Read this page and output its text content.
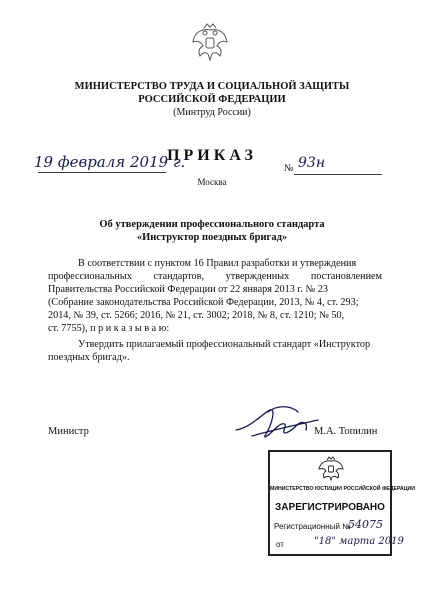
МИНИСТЕРСТВО ТРУДА И СОЦИАЛЬНОЙ ЗАЩИТЫ
РОССИЙСКОЙ ФЕДЕРАЦИИ
(Минтруд России)
ПРИКАЗ
19 февраля 2019 г.	№ 93н
Москва
Об утверждении профессионального стандарта
«Инструктор поездных бригад»
В соответствии с пунктом 16 Правил разработки и утверждения
профессиональных стандартов, утвержденных постановлением
Правительства Российской Федерации от 22 января 2013 г. № 23
(Собрание законодательства Российской Федерации, 2013, № 4, ст. 293;
2014, № 39, ст. 5266; 2016, № 21, ст. 3002; 2018, № 8, ст. 1210; № 50,
ст. 7755), п р и к а з ы в а ю:
Утвердить прилагаемый профессиональный стандарт «Инструктор
поездных бригад».
Министр	М.А. Топилин
МИНИСТЕРСТВО ЮСТИЦИИ РОССИЙСКОЙ ФЕДЕРАЦИИ
ЗАРЕГИСТРИРОВАНО
Регистрационный №
54075
от	"18" марта 2019
